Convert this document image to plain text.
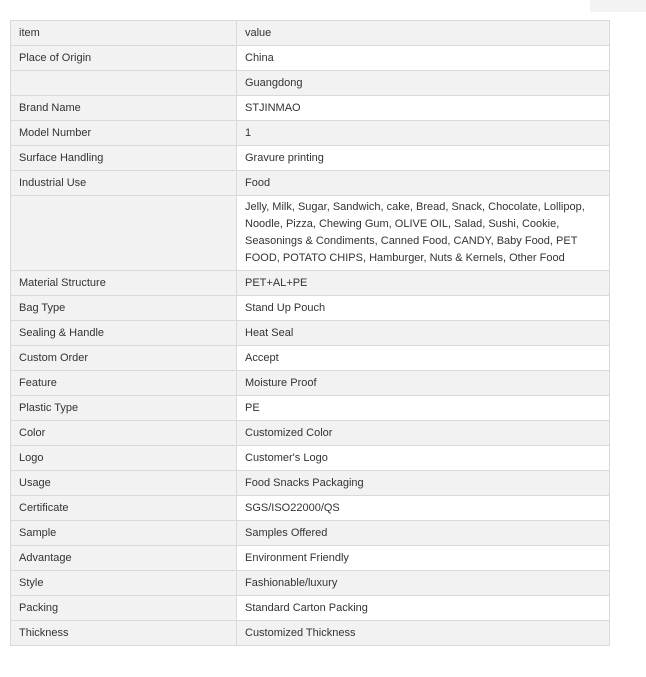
item	value
Place of Origin	China
	Guangdong
Brand Name	STJINMAO
Model Number	1
Surface Handling	Gravure printing
Industrial Use	Food
	Jelly, Milk, Sugar, Sandwich, cake, Bread, Snack, Chocolate, Lollipop, Noodle, Pizza, Chewing Gum, OLIVE OIL, Salad, Sushi, Cookie, Seasonings & Condiments, Canned Food, CANDY, Baby Food, PET FOOD, POTATO CHIPS, Hamburger, Nuts & Kernels, Other Food
Material Structure	PET+AL+PE
Bag Type	Stand Up Pouch
Sealing & Handle	Heat Seal
Custom Order	Accept
Feature	Moisture Proof
Plastic Type	PE
Color	Customized Color
Logo	Customer's Logo
Usage	Food Snacks Packaging
Certificate	SGS/ISO22000/QS
Sample	Samples Offered
Advantage	Environment Friendly
Style	Fashionable/luxury
Packing	Standard Carton Packing
Thickness	Customized Thickness
